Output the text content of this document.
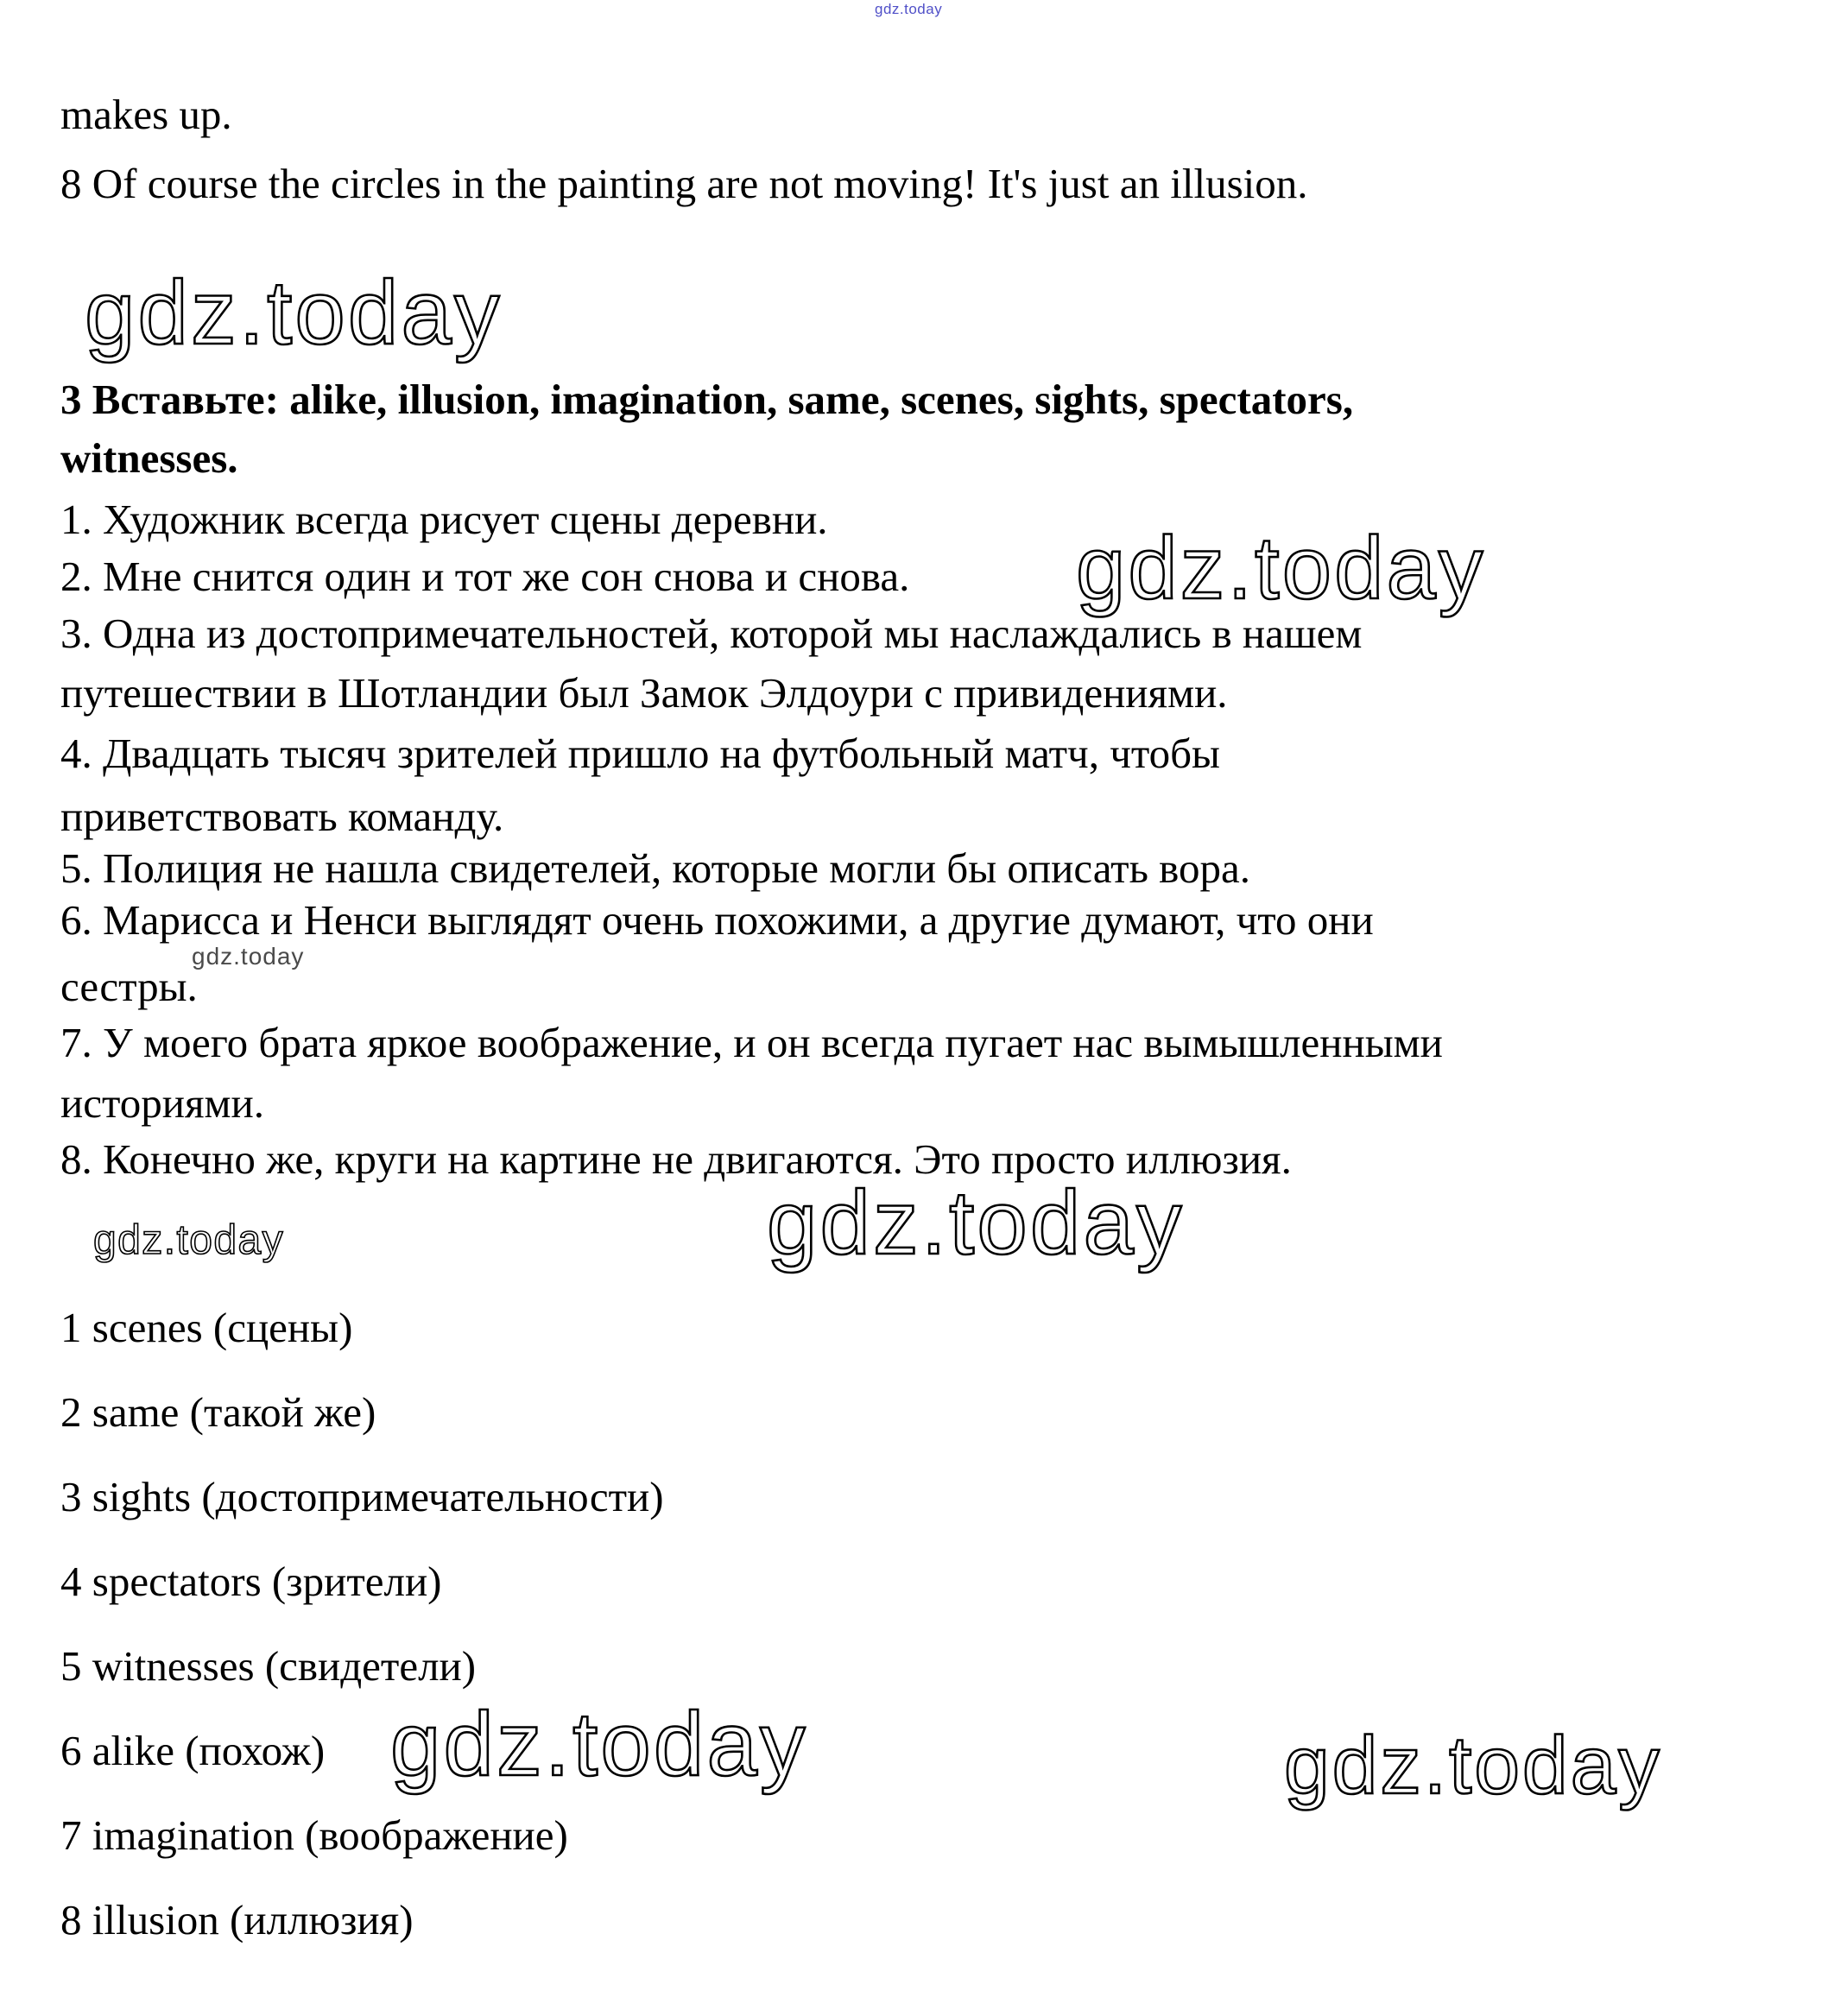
gdz.today
gdz.today
gdz.today
gdz.today
gdz.today	gdz.today
gdz.today	gdz.today
makes up.
8 Of course the circles in the painting are not moving! It's just an illusion.
3 Вставьте: alike, illusion, imagination, same, scenes, sights, spectators,
witnesses.
1. Художник всегда рисует сцены деревни.
2. Мне снится один и тот же сон снова и снова.
3. Одна из достопримечательностей, которой мы наслаждались в нашем
путешествии в Шотландии был Замок Элдоури с привидениями.
4. Двадцать тысяч зрителей пришло на футбольный матч, чтобы
приветствовать команду.
5. Полиция не нашла свидетелей, которые могли бы описать вора.
6. Марисса и Ненси выглядят очень похожими, а другие думают, что они
сестры.
7. У моего брата яркое воображение, и он всегда пугает нас вымышленными
историями.
8. Конечно же, круги на картине не двигаются. Это просто иллюзия.
1 scenes (сцены)
2 same (такой же)
3 sights (достопримечательности)
4 spectators (зрители)
5 witnesses (свидетели)
6 alike (похож)
7 imagination (воображение)
8 illusion (иллюзия)
